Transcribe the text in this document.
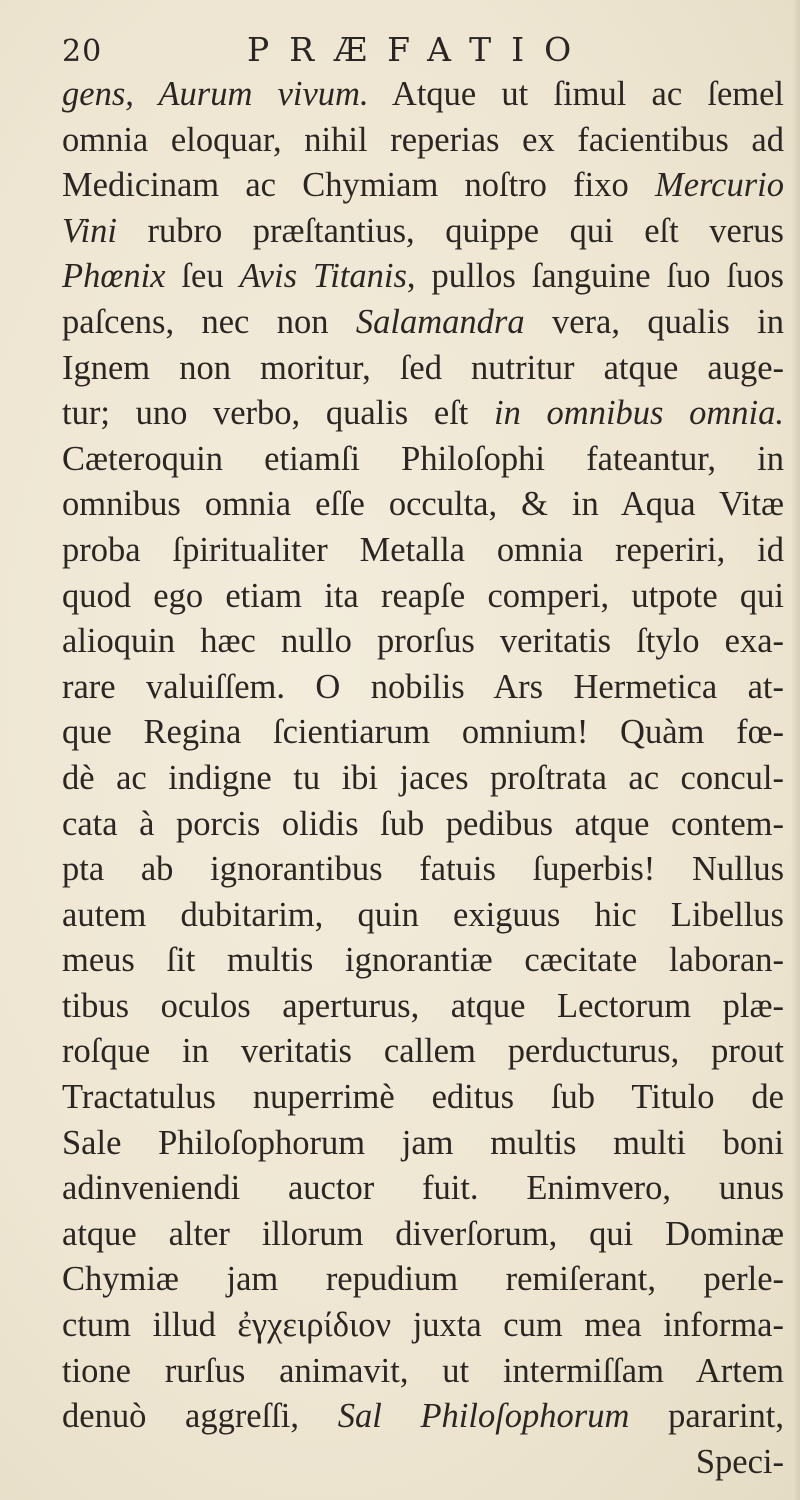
20	PRÆFATIO
gens, Aurum vivum. Atque ut ſimul ac ſemel
omnia eloquar, nihil reperias ex facientibus ad
Medicinam ac Chymiam noſtro fixo Mercurio
Vini rubro præſtantius, quippe qui eſt verus
Phœnix ſeu Avis Titanis, pullos ſanguine ſuo ſuos
paſcens, nec non Salamandra vera, qualis in
Ignem non moritur, ſed nutritur atque auge-
tur; uno verbo, qualis eſt in omnibus omnia.
Cæteroquin etiamſi Philoſophi fateantur, in
omnibus omnia eſſe occulta, & in Aqua Vitæ
proba ſpiritualiter Metalla omnia reperiri, id
quod ego etiam ita reapſe comperi, utpote qui
alioquin hæc nullo prorſus veritatis ſtylo exa-
rare valuiſſem. O nobilis Ars Hermetica at-
que Regina ſcientiarum omnium! Quàm fœ-
dè ac indigne tu ibi jaces proſtrata ac concul-
cata à porcis olidis ſub pedibus atque contem-
pta ab ignorantibus fatuis ſuperbis! Nullus
autem dubitarim, quin exiguus hic Libellus
meus ſit multis ignorantiæ cæcitate laboran-
tibus oculos aperturus, atque Lectorum plæ-
roſque in veritatis callem perducturus, prout
Tractatulus nuperrimè editus ſub Titulo de
Sale Philoſophorum jam multis multi boni
adinveniendi auctor fuit. Enimvero, unus
atque alter illorum diverſorum, qui Dominæ
Chymiæ jam repudium remiſerant, perle-
ctum illud ἐγχειρίδιον juxta cum mea informa-
tione rurſus animavit, ut intermiſſam Artem
denuò aggreſſi, Sal Philoſophorum pararint,
Speci-
